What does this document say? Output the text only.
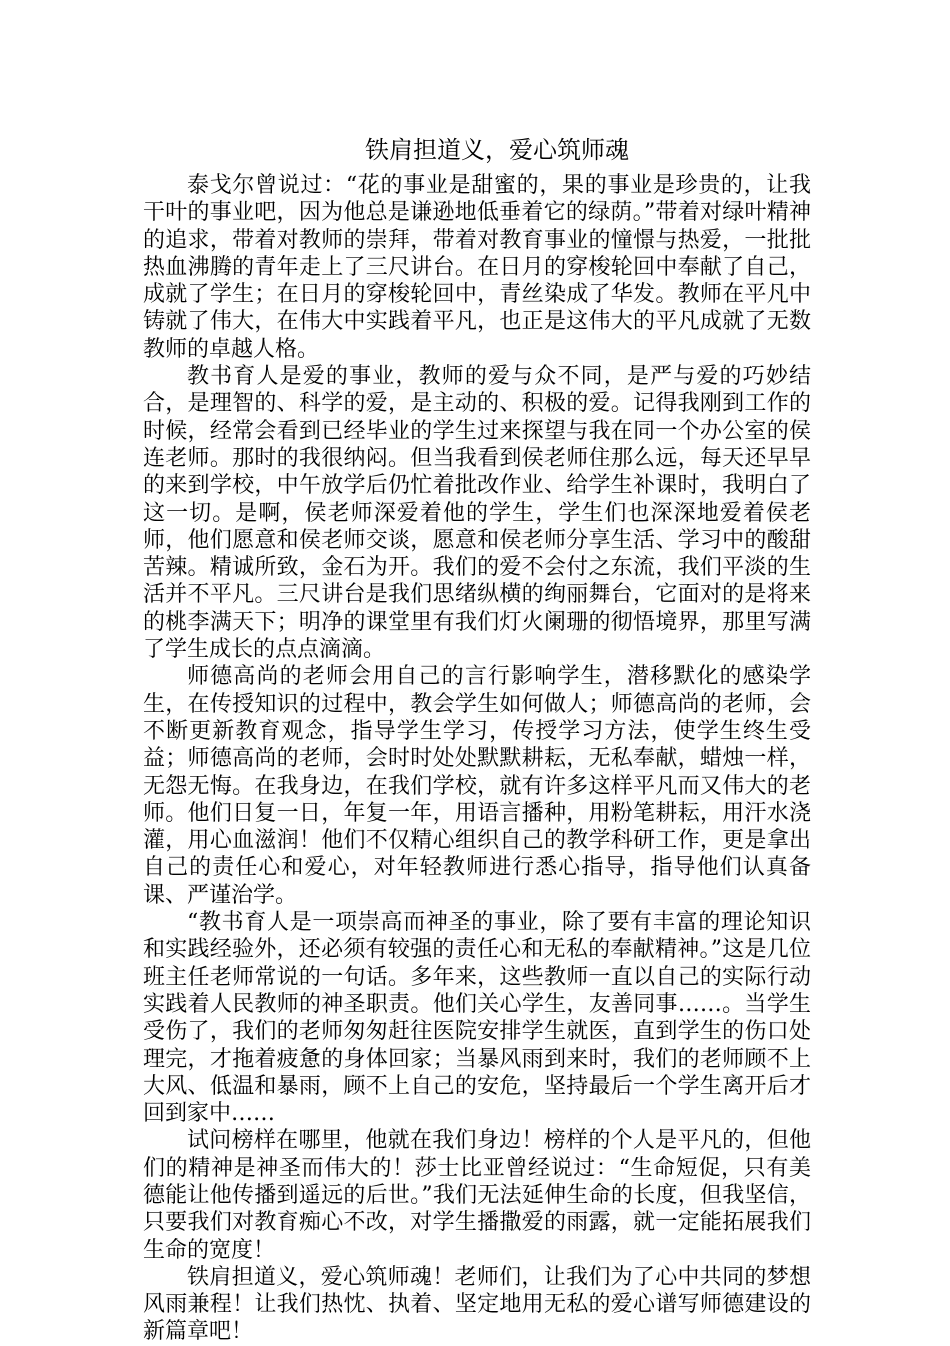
铁肩担道义，爱心筑师魂

泰戈尔曾说过：“花的事业是甜蜜的，果的事业是珍贵的，让我干叶的事业吧，因为他总是谦逊地低垂着它的绿荫。”带着对绿叶精神的追求，带着对教师的崇拜，带着对教育事业的憧憬与热爱，一批批热血沸腾的青年走上了三尺讲台。在日月的穿梭轮回中奉献了自己，成就了学生；在日月的穿梭轮回中，青丝染成了华发。教师在平凡中铸就了伟大，在伟大中实践着平凡，也正是这伟大的平凡成就了无数教师的卓越人格。

教书育人是爱的事业，教师的爱与众不同，是严与爱的巧妙结合，是理智的、科学的爱，是主动的、积极的爱。记得我刚到工作的时候，经常会看到已经毕业的学生过来探望与我在同一个办公室的侯连老师。那时的我很纳闷。但当我看到侯老师住那么远，每天还早早的来到学校，中午放学后仍忙着批改作业、给学生补课时，我明白了这一切。是啊，侯老师深爱着他的学生，学生们也深深地爱着侯老师，他们愿意和侯老师交谈，愿意和侯老师分享生活、学习中的酸甜苦辣。精诚所致，金石为开。我们的爱不会付之东流，我们平淡的生活并不平凡。三尺讲台是我们思绪纵横的绚丽舞台，它面对的是将来的桃李满天下；明净的课堂里有我们灯火阑珊的彻悟境界，那里写满了学生成长的点点滴滴。

师德高尚的老师会用自己的言行影响学生，潜移默化的感染学生，在传授知识的过程中，教会学生如何做人；师德高尚的老师，会不断更新教育观念，指导学生学习，传授学习方法，使学生终生受益；师德高尚的老师，会时时处处默默耕耘，无私奉献，蜡烛一样，无怨无悔。在我身边，在我们学校，就有许多这样平凡而又伟大的老师。他们日复一日，年复一年，用语言播种，用粉笔耕耘，用汗水浇灌，用心血滋润！他们不仅精心组织自己的教学科研工作，更是拿出自己的责任心和爱心，对年轻教师进行悉心指导，指导他们认真备课、严谨治学。

“教书育人是一项崇高而神圣的事业，除了要有丰富的理论知识和实践经验外，还必须有较强的责任心和无私的奉献精神。”这是几位班主任老师常说的一句话。多年来，这些教师一直以自己的实际行动实践着人民教师的神圣职责。他们关心学生，友善同事……。当学生受伤了，我们的老师匆匆赶往医院安排学生就医，直到学生的伤口处理完，才拖着疲惫的身体回家；当暴风雨到来时，我们的老师顾不上大风、低温和暴雨，顾不上自己的安危，坚持最后一个学生离开后才回到家中……

试问榜样在哪里，他就在我们身边！榜样的个人是平凡的，但他们的精神是神圣而伟大的！莎士比亚曾经说过：“生命短促，只有美德能让他传播到遥远的后世。”我们无法延伸生命的长度，但我坚信，只要我们对教育痴心不改，对学生播撒爱的雨露，就一定能拓展我们生命的宽度！

铁肩担道义，爱心筑师魂！老师们，让我们为了心中共同的梦想风雨兼程！让我们热忱、执着、坚定地用无私的爱心谱写师德建设的新篇章吧！
